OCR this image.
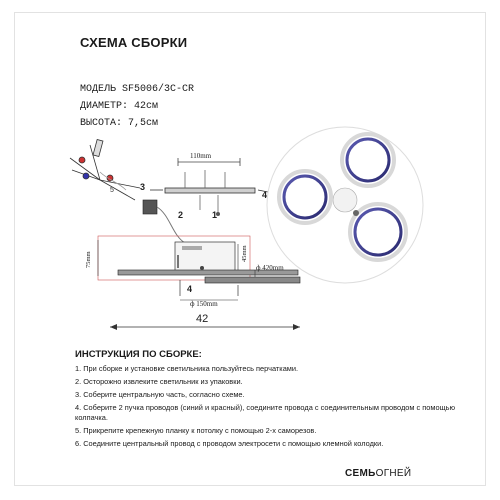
СХЕМА СБОРКИ
МОДЕЛЬ SF5006/3C-CR
ДИАМЕТР: 42см
ВЫСОТА: 7,5см
5
110mm
3
4
2	1
75mm	45mm
ф 420mm
ф 150mm
4
42
ИНСТРУКЦИЯ ПО СБОРКЕ:
1. При сборке и установке светильника пользуйтесь перчатками.
2. Осторожно извлеките светильник из упаковки.
3. Соберите центральную часть, согласно схеме.
4. Соберите 2 пучка проводов (синий и красный), соедините провода с соединительным проводом с помощью колпачка.
5. Прикрепите крепежную планку к потолку с помощью 2-х саморезов.
6. Соедините центральный провод с проводом электросети с помощью клемной колодки.
СЕМЬОГНЕЙ
